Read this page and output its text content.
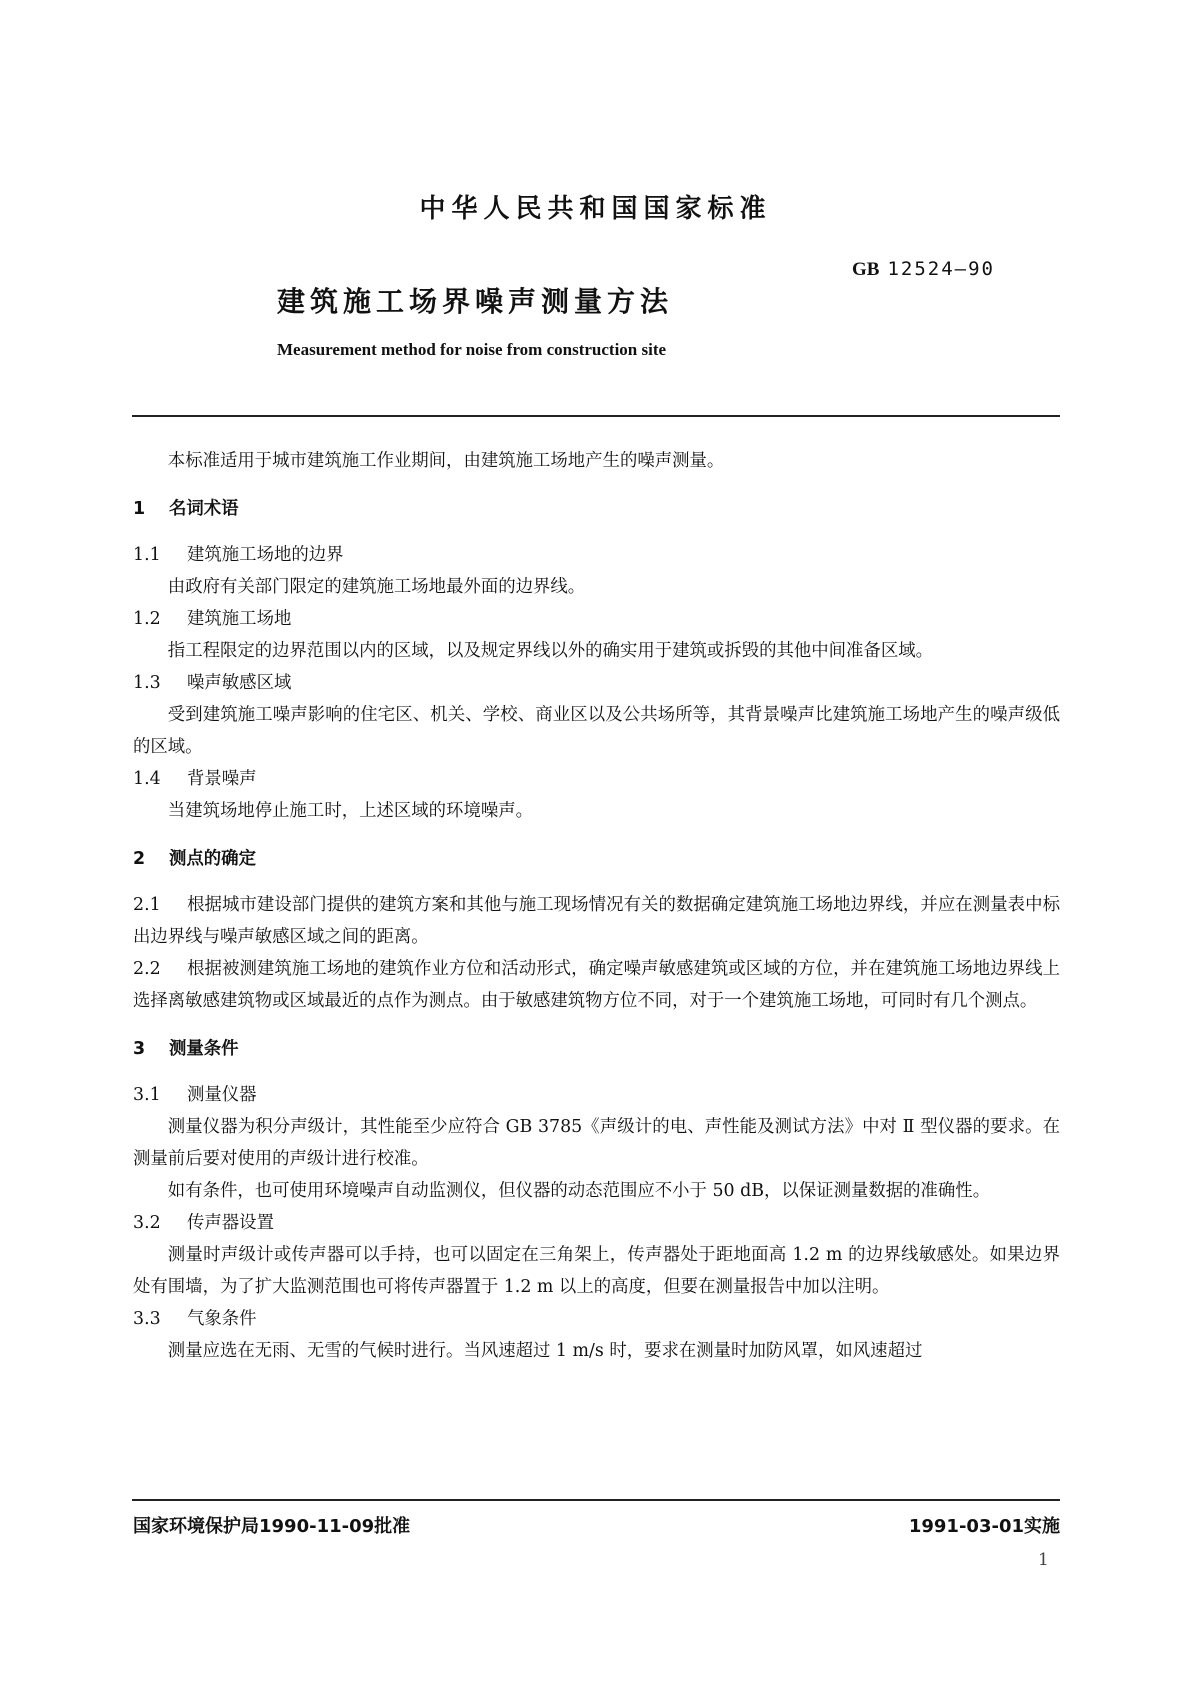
中华人民共和国国家标准
GB 12524—90
建筑施工场界噪声测量方法
Measurement method for noise from construction site

本标准适用于城市建筑施工作业期间，由建筑施工场地产生的噪声测量。

1 名词术语

1.1 建筑施工场地的边界

由政府有关部门限定的建筑施工场地最外面的边界线。

1.2 建筑施工场地

指工程限定的边界范围以内的区域，以及规定界线以外的确实用于建筑或拆毁的其他中间准备区域。

1.3 噪声敏感区域

受到建筑施工噪声影响的住宅区、机关、学校、商业区以及公共场所等，其背景噪声比建筑施工场地产生的噪声级低的区域。

1.4 背景噪声

当建筑场地停止施工时，上述区域的环境噪声。

2 测点的确定

2.1 根据城市建设部门提供的建筑方案和其他与施工现场情况有关的数据确定建筑施工场地边界线，并应在测量表中标出边界线与噪声敏感区域之间的距离。

2.2 根据被测建筑施工场地的建筑作业方位和活动形式，确定噪声敏感建筑或区域的方位，并在建筑施工场地边界线上选择离敏感建筑物或区域最近的点作为测点。由于敏感建筑物方位不同，对于一个建筑施工场地，可同时有几个测点。

3 测量条件

3.1 测量仪器

测量仪器为积分声级计，其性能至少应符合 GB 3785《声级计的电、声性能及测试方法》中对 Ⅱ 型仪器的要求。在测量前后要对使用的声级计进行校准。

如有条件，也可使用环境噪声自动监测仪，但仪器的动态范围应不小于 50 dB，以保证测量数据的准确性。

3.2 传声器设置

测量时声级计或传声器可以手持，也可以固定在三角架上，传声器处于距地面高 1.2 m 的边界线敏感处。如果边界处有围墙，为了扩大监测范围也可将传声器置于 1.2 m 以上的高度，但要在测量报告中加以注明。

3.3 气象条件

测量应选在无雨、无雪的气候时进行。当风速超过 1 m/s 时，要求在测量时加防风罩，如风速超过

国家环境保护局1990-11-09批准	1991-03-01实施
1
